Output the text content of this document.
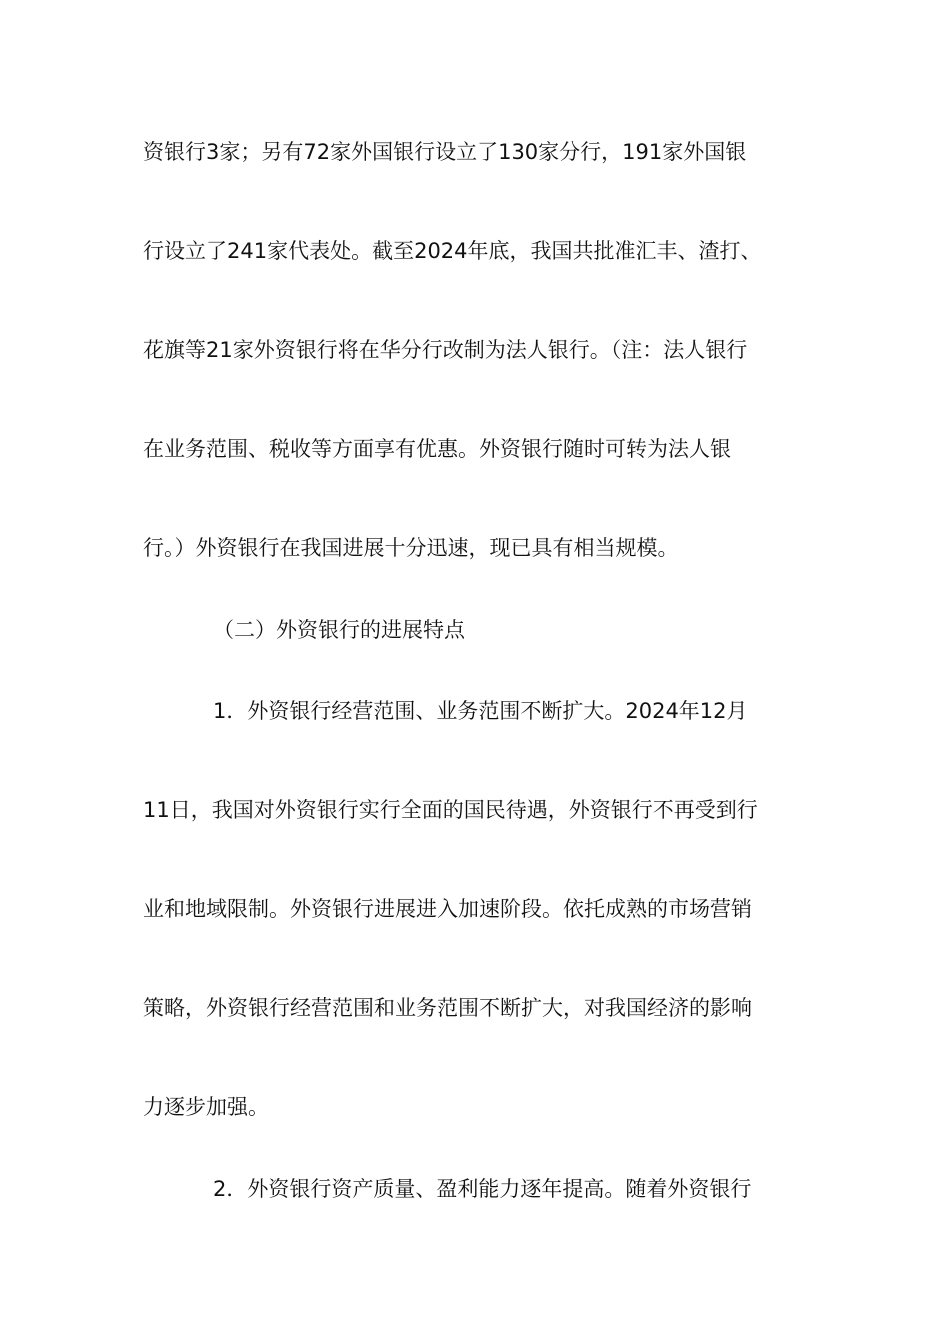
资银行3家；另有72家外国银行设立了130家分行，191家外国银
行设立了241家代表处。截至2024年底，我国共批准汇丰、渣打、
花旗等21家外资银行将在华分行改制为法人银行。（注：法人银行
在业务范围、税收等方面享有优惠。外资银行随时可转为法人银
行。）外资银行在我国进展十分迅速，现已具有相当规模。
（二）外资银行的进展特点
1．外资银行经营范围、业务范围不断扩大。2024年12月
11日，我国对外资银行实行全面的国民待遇，外资银行不再受到行
业和地域限制。外资银行进展进入加速阶段。依托成熟的市场营销
策略，外资银行经营范围和业务范围不断扩大，对我国经济的影响
力逐步加强。
2．外资银行资产质量、盈利能力逐年提高。随着外资银行
